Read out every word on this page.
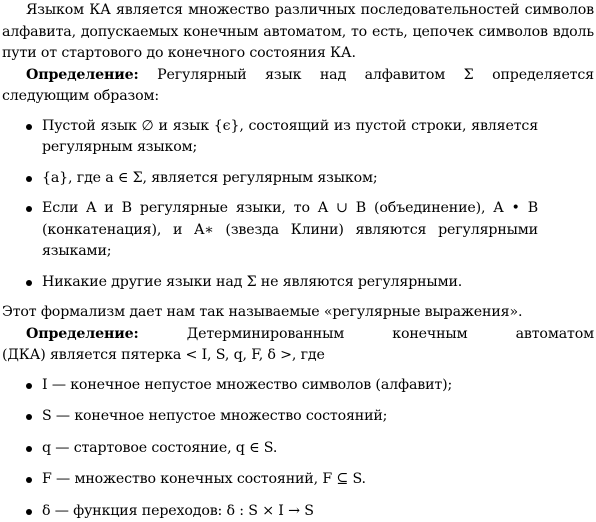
Языком КА является множество различных последовательностей символов алфавита, допускаемых конечным автоматом, то есть, цепочек символов вдоль пути от стартового до конечного состояния КА.

Определение: Регулярный язык над алфавитом Σ определяется следующим образом:

Пустой язык ∅ и язык {ϵ}, состоящий из пустой строки, является регулярным языком;
{a}, где a ∈ Σ, является регулярным языком;
Если A и B регулярные языки, то A ∪ B (объединение), A • B (конкатенация), и A∗ (звезда Клини) являются регулярными языками;
Никакие другие языки над Σ не являются регулярными.

Этот формализм дает нам так называемые «регулярные выражения».

Определение:	Детерминированным конечным автоматом

(ДКА) является пятерка < I, S, q, F, δ >, где

I — конечное непустое множество символов (алфавит);
S — конечное непустое множество состояний;
q — стартовое состояние, q ∈ S.
F — множество конечных состояний, F ⊆ S.
δ — функция переходов: δ : S × I → S
